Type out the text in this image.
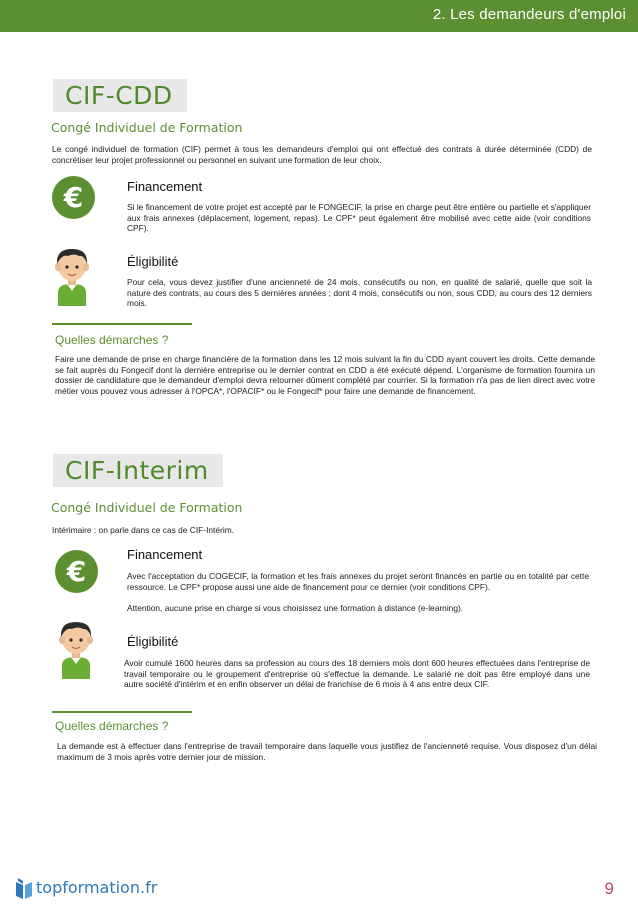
2. Les demandeurs d'emploi
CIF-CDD
Congé Individuel de Formation

Le congé individuel de formation (CIF) permet à tous les demandeurs d'emploi qui ont effectué des contrats à durée déterminée (CDD) de concrétiser leur projet professionnel ou personnel en suivant une formation de leur choix.

€	Financement

Si le financement de votre projet est accepté par le FONGECIF, la prise en charge peut être entière ou partielle et s'appliquer aux frais annexes (déplacement, logement, repas). Le CPF* peut également être mobilisé avec cette aide (voir conditions CPF).

Éligibilité

Pour cela, vous devez justifier d'une ancienneté de 24 mois, consécutifs ou non, en qualité de salarié, quelle que soit la nature des contrats, au cours des 5 dernières années ; dont 4 mois, consécutifs ou non, sous CDD, au cours des 12 derniers mois.

Quelles démarches ?

Faire une demande de prise en charge financière de la formation dans les 12 mois suivant la fin du CDD ayant couvert les droits. Cette demande se fait auprès du Fongecif dont la dernière entreprise ou le dernier contrat en CDD a été exécuté dépend. L'organisme de formation fournira un dossier de candidature que le demandeur d'emploi devra retourner dûment complété par courrier. Si la formation n'a pas de lien direct avec votre métier vous pouvez vous adresser à l'OPCA*, l'OPACIF* ou le Fongecif* pour faire une demande de financement.

CIF-Interim
Congé Individuel de Formation

Intérimaire : on parle dans ce cas de CIF-Intérim.

€
Financement

Avec l'acceptation du COGECIF, la formation et les frais annexes du projet seront financés en partie ou en totalité par cette ressource. Le CPF* propose aussi une aide de financement pour ce dernier (voir conditions CPF).

Attention, aucune prise en charge si vous choisissez une formation à distance (e-learning).

Éligibilité

Avoir cumulé 1600 heures dans sa profession au cours des 18 derniers mois dont 600 heures effectuées dans l'entreprise de travail temporaire ou le groupement d'entreprise où s'effectue la demande. Le salarié ne doit pas être employé dans une autre société d'intérim et en enfin observer un délai de franchise de 6 mois à 4 ans entre deux CIF.

Quelles démarches ?

La demande est à effectuer dans l'entreprise de travail temporaire dans laquelle vous justifiez de l'ancienneté requise. Vous disposez d'un délai maximum de 3 mois après votre dernier jour de mission.

topformation.fr	9
